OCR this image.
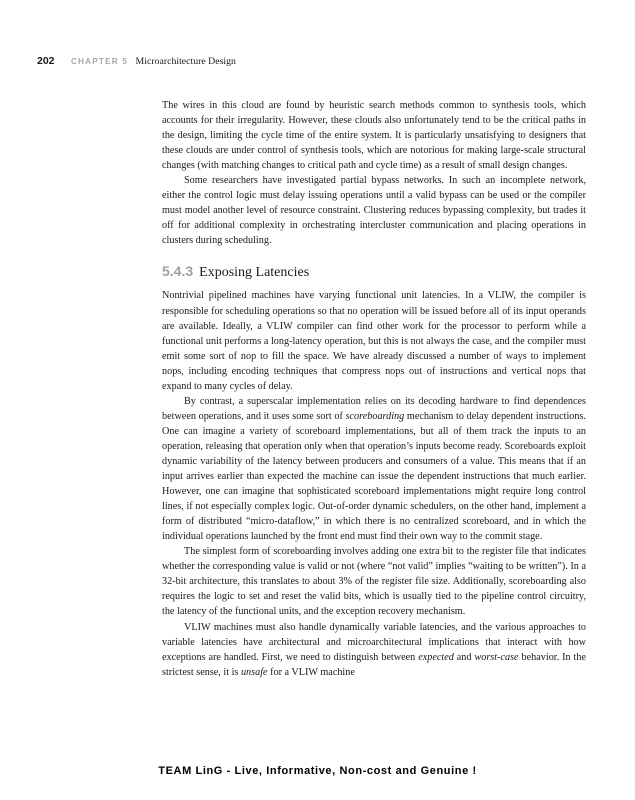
202 CHAPTER 5 Microarchitecture Design

The wires in this cloud are found by heuristic search methods common to synthesis tools, which accounts for their irregularity. However, these clouds also unfortunately tend to be the critical paths in the design, limiting the cycle time of the entire system. It is particularly unsatisfying to designers that these clouds are under control of synthesis tools, which are notorious for making large-scale structural changes (with matching changes to critical path and cycle time) as a result of small design changes.

Some researchers have investigated partial bypass networks. In such an incomplete network, either the control logic must delay issuing operations until a valid bypass can be used or the compiler must model another level of resource constraint. Clustering reduces bypassing complexity, but trades it off for additional complexity in orchestrating intercluster communication and placing operations in clusters during scheduling.

5.4.3 Exposing Latencies

Nontrivial pipelined machines have varying functional unit latencies. In a VLIW, the compiler is responsible for scheduling operations so that no operation will be issued before all of its input operands are available. Ideally, a VLIW compiler can find other work for the processor to perform while a functional unit performs a long-latency operation, but this is not always the case, and the compiler must emit some sort of nop to fill the space. We have already discussed a number of ways to implement nops, including encoding techniques that compress nops out of instructions and vertical nops that expand to many cycles of delay.

By contrast, a superscalar implementation relies on its decoding hardware to find dependences between operations, and it uses some sort of scoreboarding mechanism to delay dependent instructions. One can imagine a variety of scoreboard implementations, but all of them track the inputs to an operation, releasing that operation only when that operation’s inputs become ready. Scoreboards exploit dynamic variability of the latency between producers and consumers of a value. This means that if an input arrives earlier than expected the machine can issue the dependent instructions that much earlier. However, one can imagine that sophisticated scoreboard implementations might require long control lines, if not especially complex logic. Out-of-order dynamic schedulers, on the other hand, implement a form of distributed “micro-dataflow,” in which there is no centralized scoreboard, and in which the individual operations launched by the front end must find their own way to the commit stage.

The simplest form of scoreboarding involves adding one extra bit to the register file that indicates whether the corresponding value is valid or not (where “not valid” implies “waiting to be written”). In a 32-bit architecture, this translates to about 3% of the register file size. Additionally, scoreboarding also requires the logic to set and reset the valid bits, which is usually tied to the pipeline control circuitry, the latency of the functional units, and the exception recovery mechanism.

VLIW machines must also handle dynamically variable latencies, and the various approaches to variable latencies have architectural and microarchitectural implications that interact with how exceptions are handled. First, we need to distinguish between expected and worst-case behavior. In the strictest sense, it is unsafe for a VLIW machine

TEAM LinG - Live, Informative, Non-cost and Genuine !
